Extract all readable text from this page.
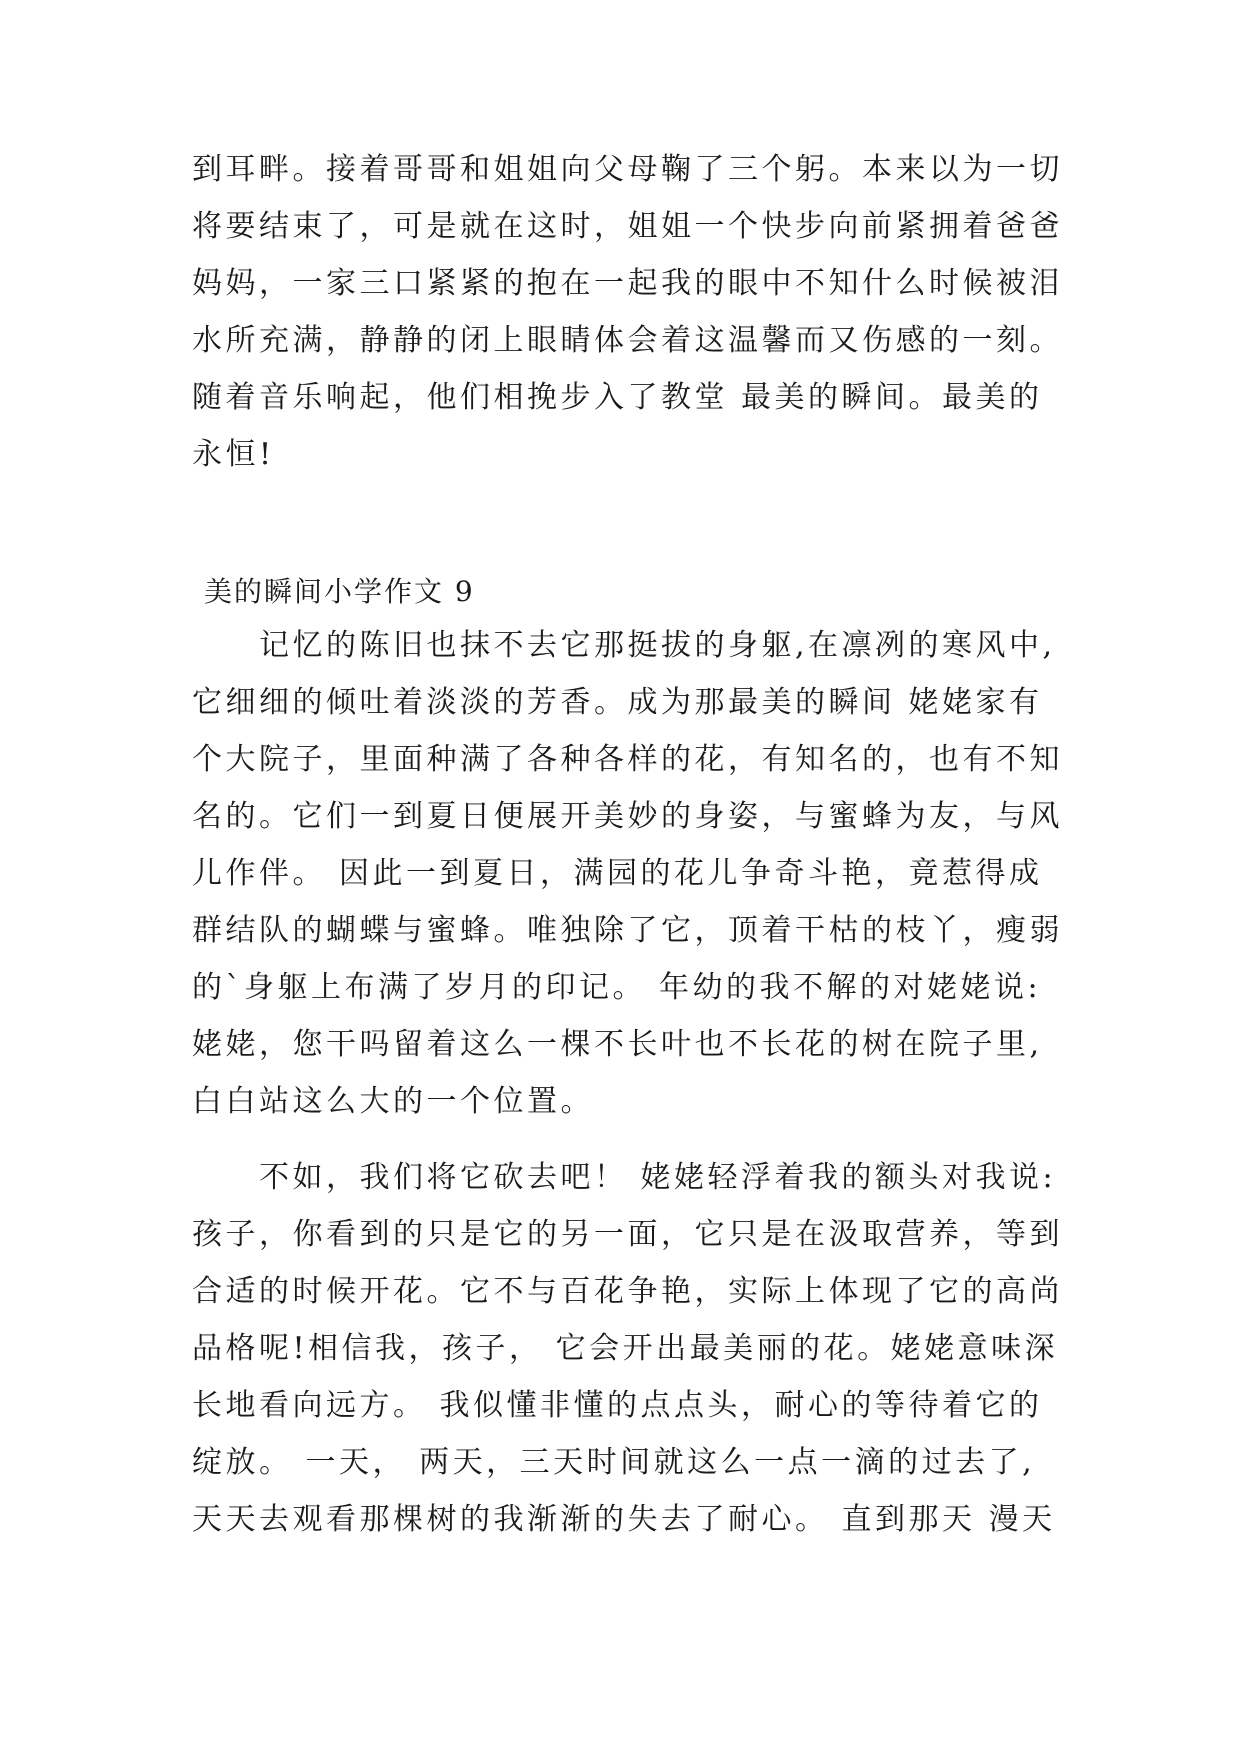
到耳畔。接着哥哥和姐姐向父母鞠了三个躬。本来以为一切
将要结束了，可是就在这时，姐姐一个快步向前紧拥着爸爸
妈妈，一家三口紧紧的抱在一起我的眼中不知什么时候被泪
水所充满，静静的闭上眼睛体会着这温馨而又伤感的一刻。
随着音乐响起，他们相挽步入了教堂 最美的瞬间。最美的
永恒!
美的瞬间小学作文 9
　　记忆的陈旧也抹不去它那挺拔的身躯,在凛冽的寒风中,
它细细的倾吐着淡淡的芳香。成为那最美的瞬间 姥姥家有
个大院子，里面种满了各种各样的花，有知名的，也有不知
名的。它们一到夏日便展开美妙的身姿，与蜜蜂为友，与风
儿作伴。 因此一到夏日，满园的花儿争奇斗艳，竟惹得成
群结队的蝴蝶与蜜蜂。唯独除了它，顶着干枯的枝丫，瘦弱
的`身躯上布满了岁月的印记。 年幼的我不解的对姥姥说:
姥姥，您干吗留着这么一棵不长叶也不长花的树在院子里,
白白站这么大的一个位置。
　　不如，我们将它砍去吧！ 姥姥轻浮着我的额头对我说:
孩子，你看到的只是它的另一面，它只是在汲取营养，等到
合适的时候开花。它不与百花争艳，实际上体现了它的高尚
品格呢!相信我，孩子， 它会开出最美丽的花。姥姥意味深
长地看向远方。 我似懂非懂的点点头，耐心的等待着它的
绽放。 一天， 两天，三天时间就这么一点一滴的过去了,
天天去观看那棵树的我渐渐的失去了耐心。 直到那天 漫天
